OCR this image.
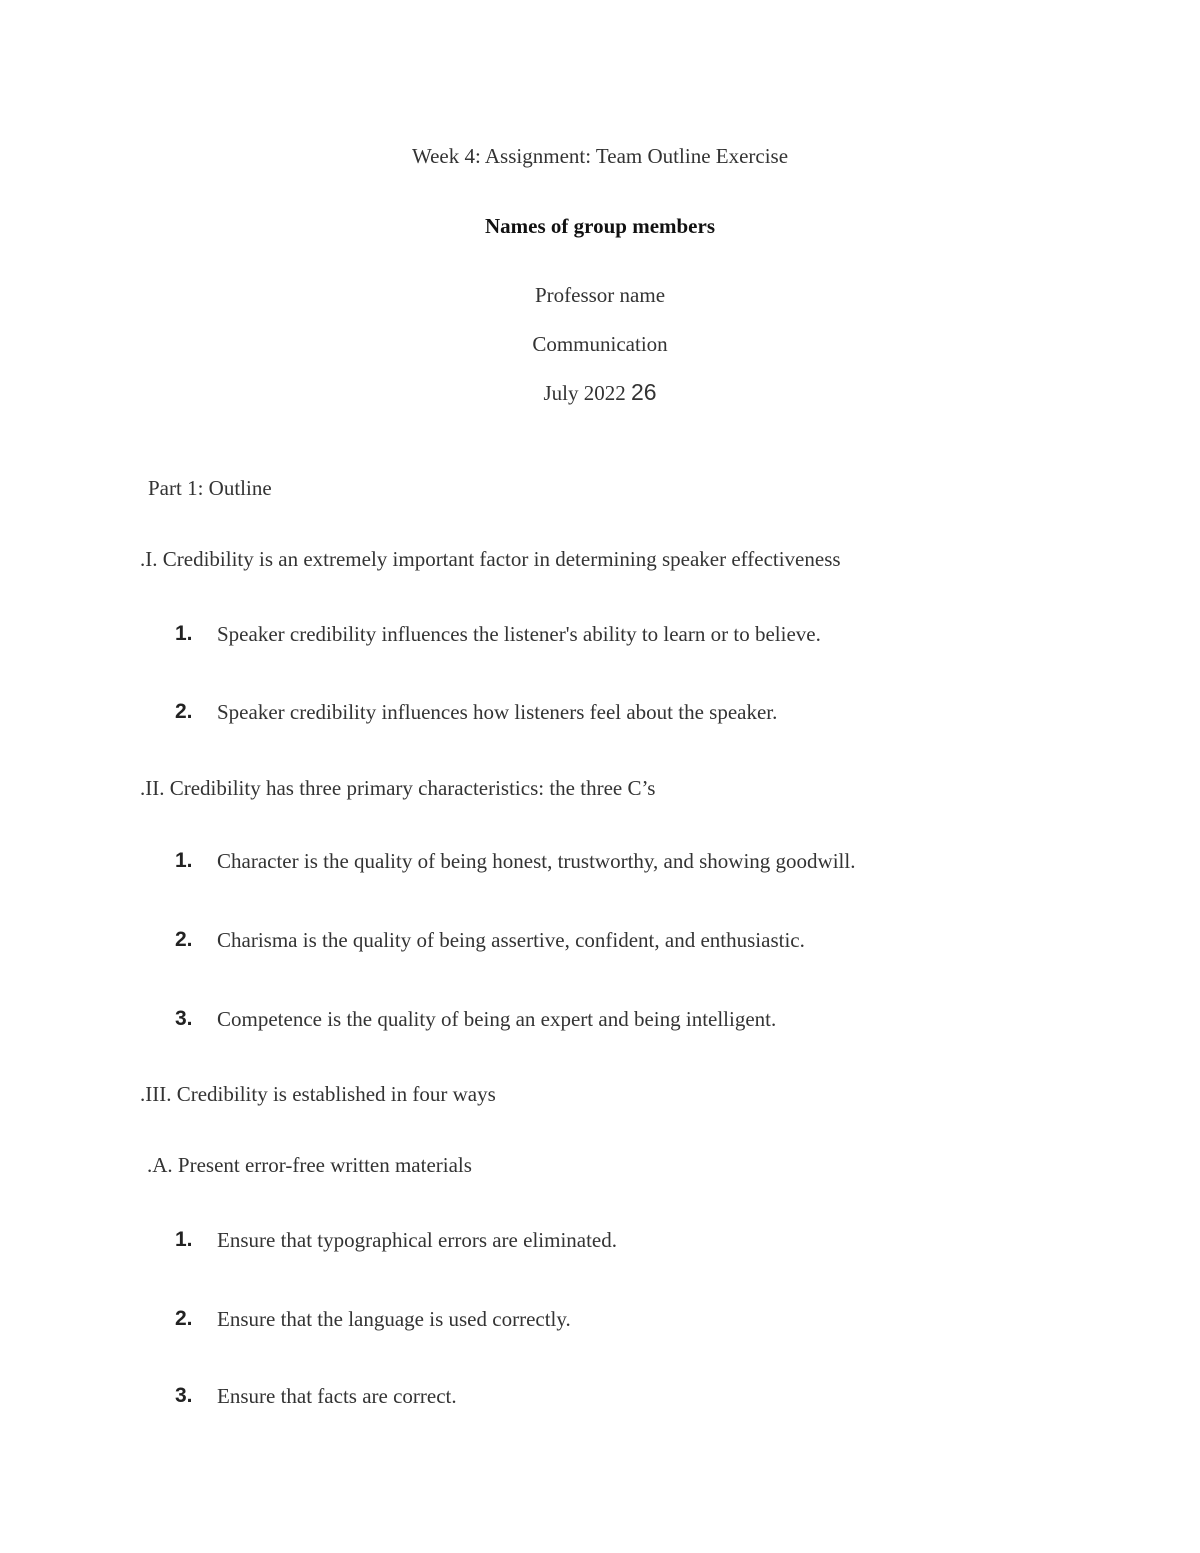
Week 4: Assignment: Team Outline Exercise
Names of group members
Professor name
Communication
July 2022 26
Part 1: Outline
.I. Credibility is an extremely important factor in determining speaker effectiveness
1. Speaker credibility influences the listener's ability to learn or to believe.
2. Speaker credibility influences how listeners feel about the speaker.
.II. Credibility has three primary characteristics: the three C’s
1. Character is the quality of being honest, trustworthy, and showing goodwill.
2. Charisma is the quality of being assertive, confident, and enthusiastic.
3. Competence is the quality of being an expert and being intelligent.
.III. Credibility is established in four ways
.A. Present error-free written materials
1. Ensure that typographical errors are eliminated.
2. Ensure that the language is used correctly.
3. Ensure that facts are correct.
